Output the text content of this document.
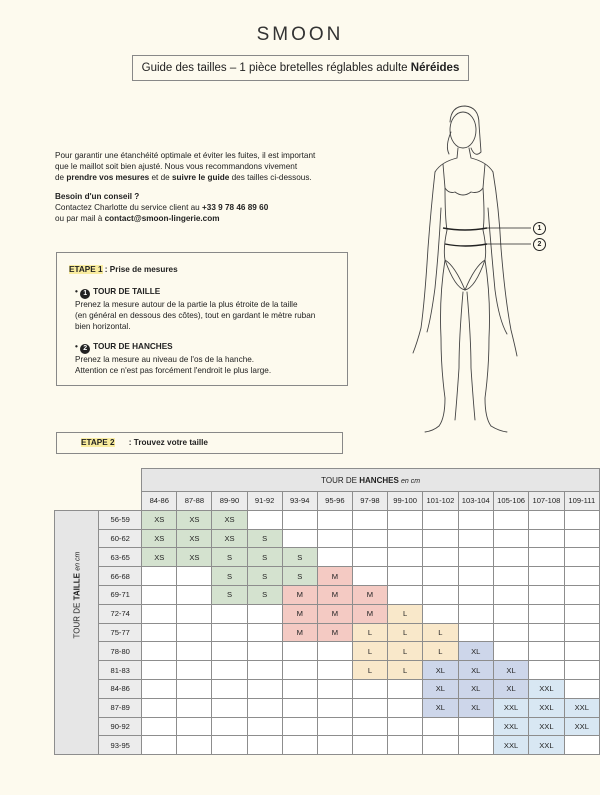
SMOON
Guide des tailles – 1 pièce bretelles réglables adulte Néréides

Pour garantir une étanchéité optimale et éviter les fuites, il est important

que le maillot soit bien ajusté. Nous vous recommandons vivement

de prendre vos mesures et de suivre le guide des tailles ci-dessous.

Besoin d'un conseil ?

Contactez Charlotte du service client au +33 9 78 46 89 60

ou par mail à contact@smoon-lingerie.com

ETAPE 1 : Prise de mesures
• 1 TOUR DE TAILLE

Prenez la mesure autour de la partie la plus étroite de la taille

(en général en dessous des côtes), tout en gardant le mètre ruban

bien horizontal.

• 2 TOUR DE HANCHES

Prenez la mesure au niveau de l'os de la hanche.

Attention ce n'est pas forcément l'endroit le plus large.

1
2
ETAPE 2 : Trouvez votre taille
		TOUR DE HANCHES en cm												
		84-86	87-88	89-90	91-92	93-94	95-96	97-98	99-100	101-102	103-104	105-106	107-108	109-111

TOUR DE TAILLE en cm	56-59	XS	XS	XS										
	60-62	XS	XS	XS	S									
	63-65	XS	XS	S	S	S								
	66-68			S	S	S	M							
	69-71			S	S	M	M	M						
	72-74					M	M	M	L					
	75-77					M	M	L	L	L				
	78-80							L	L	L	XL			
	81-83							L	L	XL	XL	XL		
	84-86									XL	XL	XL	XXL	
	87-89									XL	XL	XXL	XXL	XXL
	90-92											XXL	XXL	XXL
	93-95											XXL	XXL	
